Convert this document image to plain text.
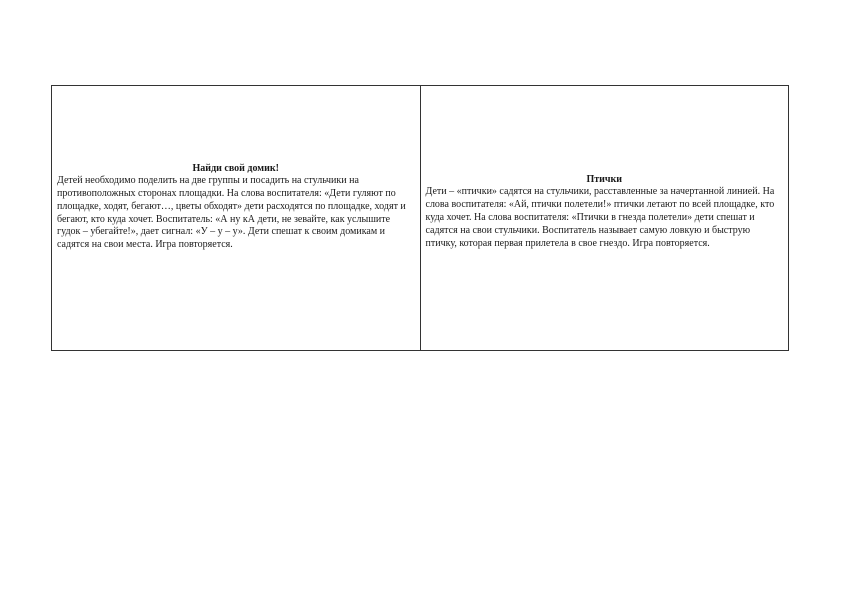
Найди свой домик!

Детей необходимо поделить на две группы и посадить на стульчики на противоположных сторонах площадки. На слова воспитателя: «Дети гуляют по площадке, ходят, бегают…, цветы обходят» дети расходятся по площадке, ходят и бегают, кто куда хочет. Воспитатель: «А ну кА дети, не зевайте, как услышите гудок – убегайте!», дает сигнал: «У – у – у». Дети спешат к своим домикам и садятся на свои места. Игра повторяется.

Птички

Дети – «птички» садятся на стульчики, расставленные за начертанной линией. На слова воспитателя: «Ай, птички полетели!» птички летают по всей площадке, кто куда хочет. На слова воспитателя: «Птички в гнезда полетели» дети спешат и садятся на свои стульчики. Воспитатель называет самую ловкую и быструю птичку, которая первая прилетела в свое гнездо. Игра повторяется.
